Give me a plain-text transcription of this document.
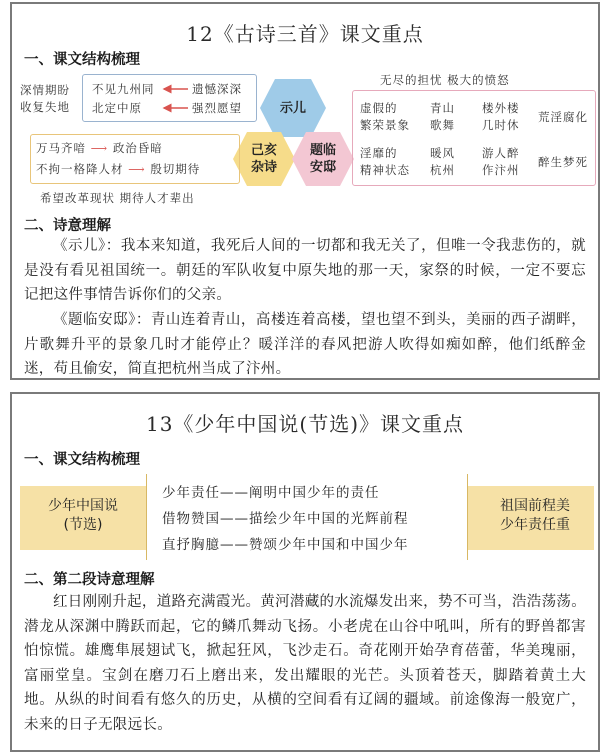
12《古诗三首》课文重点
一、课文结构梳理
深情期盼
收复失地
不见九州同
北定中原
遗憾深深
强烈愿望	示儿
己亥
杂诗
题临
安邸
万马齐喑 ⟶ 政治昏暗
不拘一格降人材 ⟶ 殷切期待
希望改革现状 期待人才辈出
无尽的担忧 极大的愤怒
虚假的
繁荣景象
淫靡的
精神状态
青山
歌舞
暖风
杭州
楼外楼
几时休
游人醉
作汴州
荒淫腐化
醉生梦死
二、诗意理解
《示儿》：我本来知道，我死后人间的一切都和我无关了，但唯一令我悲伤的，就是没有看见祖国统一。朝廷的军队收复中原失地的那一天，家祭的时候，一定不要忘记把这件事情告诉你们的父亲。
《题临安邸》：青山连着青山，高楼连着高楼，望也望不到头，美丽的西子湖畔，片歌舞升平的景象几时才能停止？暖洋洋的春风把游人吹得如痴如醉，他们纸醉金迷，苟且偷安，简直把杭州当成了汴州。
13《少年中国说(节选)》课文重点
一、课文结构梳理
少年中国说
(节选)
少年责任——阐明中国少年的责任
借物赞国——描绘少年中国的光辉前程
直抒胸臆——赞颂少年中国和中国少年
祖国前程美
少年责任重
二、第二段诗意理解
红日刚刚升起，道路充满霞光。黄河潜藏的水流爆发出来，势不可当，浩浩荡荡。潜龙从深渊中腾跃而起，它的鳞爪舞动飞扬。小老虎在山谷中吼叫，所有的野兽都害怕惊慌。雄鹰隼展翅试飞，掀起狂风，飞沙走石。奇花刚开始孕育蓓蕾，华美瑰丽，富丽堂皇。宝剑在磨刀石上磨出来，发出耀眼的光芒。头顶着苍天，脚踏着黄土大地。从纵的时间看有悠久的历史，从横的空间看有辽阔的疆域。前途像海一般宽广，未来的日子无限远长。
